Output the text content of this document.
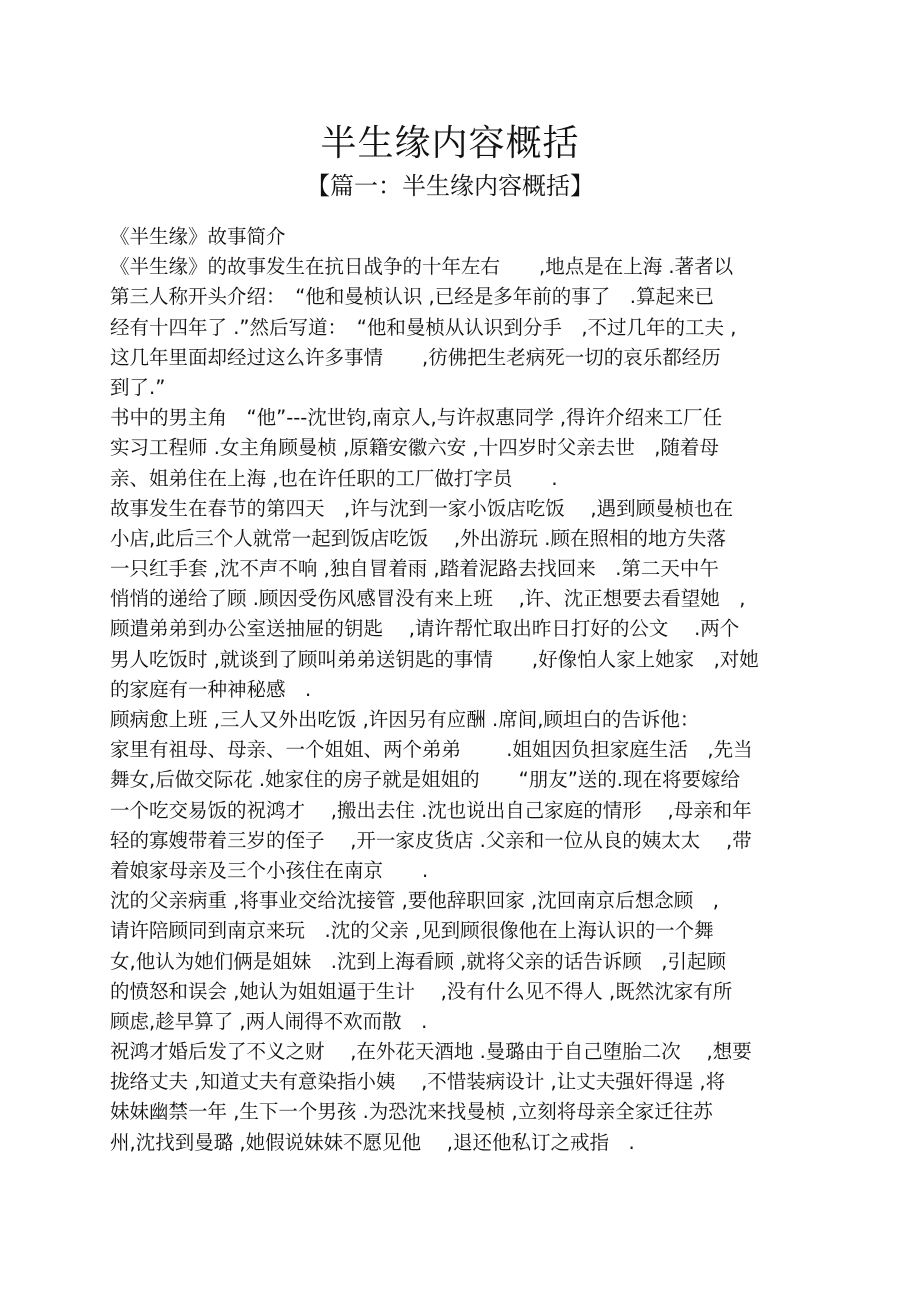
半生缘内容概括
【篇一：半生缘内容概括】
《半生缘》故事简介
《半生缘》的故事发生在抗日战争的十年左右　　,地点是在上海 .著者以
第三人称开头介绍：　“他和曼桢认识 ,已经是多年前的事了　.算起来已
经有十四年了 .”然后写道：　“他和曼桢从认识到分手　,不过几年的工夫 ,
这几年里面却经过这么许多事情　　,彷佛把生老病死一切的哀乐都经历
到了.”
书中的男主角　“他”---沈世钧,南京人,与许叔惠同学 ,得许介绍来工厂任
实习工程师 .女主角顾曼桢 ,原籍安徽六安 ,十四岁时父亲去世　,随着母
亲、姐弟住在上海 ,也在许任职的工厂做打字员　　.
故事发生在春节的第四天　,许与沈到一家小饭店吃饭　 ,遇到顾曼桢也在
小店,此后三个人就常一起到饭店吃饭　 ,外出游玩 .顾在照相的地方失落
一只红手套 ,沈不声不响 ,独自冒着雨 ,踏着泥路去找回来　.第二天中午
悄悄的递给了顾 .顾因受伤风感冒没有来上班　 ,许、沈正想要去看望她　,
顾遣弟弟到办公室送抽屉的钥匙　 ,请许帮忙取出昨日打好的公文　 .两个
男人吃饭时 ,就谈到了顾叫弟弟送钥匙的事情　　,好像怕人家上她家　,对她
的家庭有一种神秘感　.
顾病愈上班 ,三人又外出吃饭 ,许因另有应酬 .席间,顾坦白的告诉他：
家里有祖母、母亲、一个姐姐、两个弟弟　　 .姐姐因负担家庭生活　,先当
舞女,后做交际花 .她家住的房子就是姐姐的　　“朋友”送的.现在将要嫁给
一个吃交易饭的祝鸿才　 ,搬出去住 .沈也说出自己家庭的情形　 ,母亲和年
轻的寡嫂带着三岁的侄子　 ,开一家皮货店 .父亲和一位从良的姨太太　 ,带
着娘家母亲及三个小孩住在南京　　.
沈的父亲病重 ,将事业交给沈接管 ,要他辞职回家 ,沈回南京后想念顾　,
请许陪顾同到南京来玩　.沈的父亲 ,见到顾很像他在上海认识的一个舞
女,他认为她们俩是姐妹　.沈到上海看顾 ,就将父亲的话告诉顾　,引起顾
的愤怒和误会 ,她认为姐姐逼于生计　 ,没有什么见不得人 ,既然沈家有所
顾虑,趁早算了 ,两人闹得不欢而散　.
祝鸿才婚后发了不义之财　 ,在外花天酒地 .曼璐由于自己堕胎二次　 ,想要
拢络丈夫 ,知道丈夫有意染指小姨　 ,不惜装病设计 ,让丈夫强奸得逞 ,将
妹妹幽禁一年 ,生下一个男孩 .为恐沈来找曼桢 ,立刻将母亲全家迁往苏
州,沈找到曼璐 ,她假说妹妹不愿见他　 ,退还他私订之戒指　.
